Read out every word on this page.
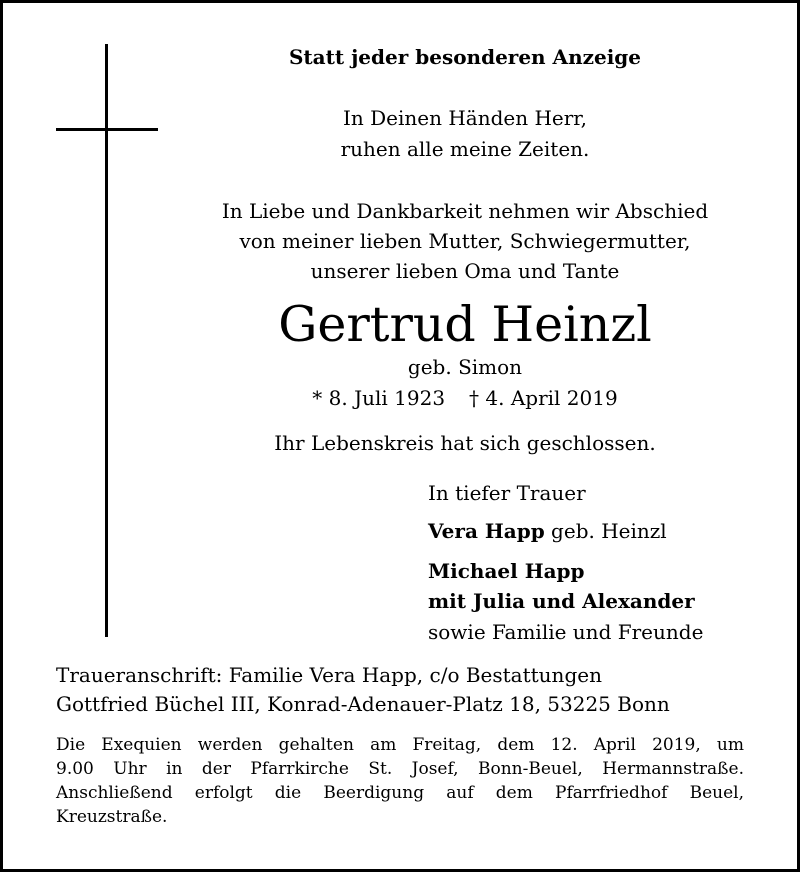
Statt jeder besonderen Anzeige
In Deinen Händen Herr,
ruhen alle meine Zeiten.
In Liebe und Dankbarkeit nehmen wir Abschied
von meiner lieben Mutter, Schwiegermutter,
unserer lieben Oma und Tante
Gertrud Heinzl
geb. Simon
* 8. Juli 1923 † 4. April 2019
Ihr Lebenskreis hat sich geschlossen.
In tiefer Trauer
Vera Happ geb. Heinzl
Michael Happ
mit Julia und Alexander
sowie Familie und Freunde
Traueranschrift: Familie Vera Happ, c/o Bestattungen
Gottfried Büchel III, Konrad-Adenauer-Platz 18, 53225 Bonn
Die Exequien werden gehalten am Freitag, dem 12. April 2019, um
9.00 Uhr in der Pfarrkirche St. Josef, Bonn-Beuel, Hermannstraße.
Anschließend erfolgt die Beerdigung auf dem Pfarrfriedhof Beuel,
Kreuzstraße.
